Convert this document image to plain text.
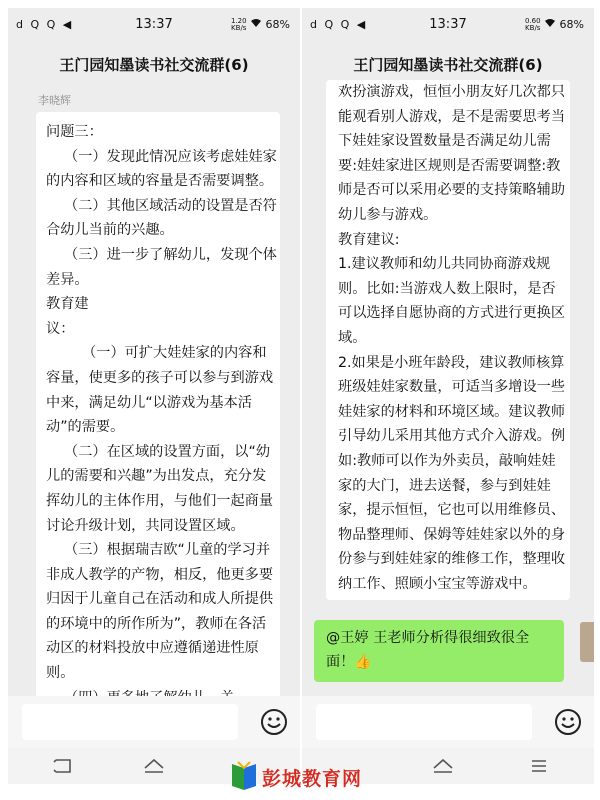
d Q Q ◀	13:37	1.20
KB/s 68%
王门园知墨读书社交流群(6)
李晓辉

问题三：
（一）发现此情况应该考虑娃娃家的内容和区域的容量是否需要调整。
（二）其他区域活动的设置是否符合幼儿当前的兴趣。
（三）进一步了解幼儿，发现个体差异。
教育建
议：
（一）可扩大娃娃家的内容和容量，使更多的孩子可以参与到游戏中来，满足幼儿“以游戏为基本活动”的需要。
（二）在区域的设置方面，以“幼儿的需要和兴趣”为出发点，充分发挥幼儿的主体作用，与他们一起商量讨论升级计划，共同设置区域。
（三）根据瑞吉欧“儿童的学习并非成人教学的产物，相反，他更多要归因于儿童自己在活动和成人所提供的环境中的所作所为”，教师在各活动区的材料投放中应遵循递进性原则。

d Q Q ◀	13:37	0.60
KB/s 68%
王门园知墨读书社交流群(6)

欢扮演游戏，恒恒小朋友好几次都只能观看别人游戏，是不是需要思考当下娃娃家设置数量是否满足幼儿需要:娃娃家进区规则是否需要调整:教师是否可以采用必要的支持策略辅助幼儿参与游戏。
教育建议:
1.建议教师和幼儿共同协商游戏规则。比如:当游戏人数上限时，是否可以选择自愿协商的方式进行更换区域。
2.如果是小班年龄段，建议教师核算班级娃娃家数量，可适当多增设一些娃娃家的材料和环境区域。建议教师引导幼儿采用其他方式介入游戏。例如:教师可以作为外卖员，敲响娃娃家的大门，进去送餐，参与到娃娃家，提示恒恒，它也可以用维修员、物品整理师、保姆等娃娃家以外的身份参与到娃娃家的维修工作，整理收纳工作、照顾小宝宝等游戏中。

@王婷 王老师分析得很细致很全面！👍
彭城教育网
